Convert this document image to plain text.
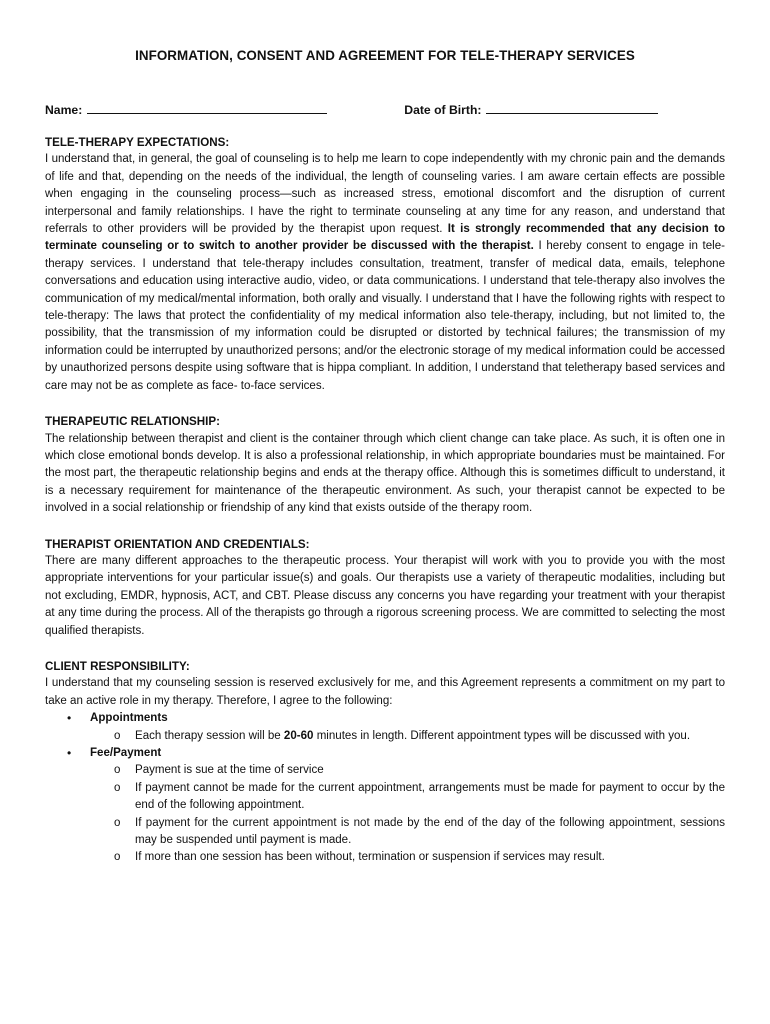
INFORMATION, CONSENT AND AGREEMENT FOR TELE-THERAPY SERVICES
Name:	Date of Birth:

TELE-THERAPY EXPECTATIONS:

I understand that, in general, the goal of counseling is to help me learn to cope independently with my chronic pain and the demands of life and that, depending on the needs of the individual, the length of counseling varies. I am aware certain effects are possible when engaging in the counseling process—such as increased stress, emotional discomfort and the disruption of current interpersonal and family relationships. I have the right to terminate counseling at any time for any reason, and understand that referrals to other providers will be provided by the therapist upon request. It is strongly recommended that any decision to terminate counseling or to switch to another provider be discussed with the therapist. I hereby consent to engage in tele-therapy services. I understand that tele-therapy includes consultation, treatment, transfer of medical data, emails, telephone conversations and education using interactive audio, video, or data communications. I understand that tele-therapy also involves the communication of my medical/mental information, both orally and visually. I understand that I have the following rights with respect to tele-therapy: The laws that protect the confidentiality of my medical information also tele-therapy, including, but not limited to, the possibility, that the transmission of my information could be disrupted or distorted by technical failures; the transmission of my information could be interrupted by unauthorized persons; and/or the electronic storage of my medical information could be accessed by unauthorized persons despite using software that is hippa compliant. In addition, I understand that teletherapy based services and care may not be as complete as face- to-face services.

THERAPEUTIC RELATIONSHIP:

The relationship between therapist and client is the container through which client change can take place. As such, it is often one in which close emotional bonds develop. It is also a professional relationship, in which appropriate boundaries must be maintained. For the most part, the therapeutic relationship begins and ends at the therapy office. Although this is sometimes difficult to understand, it is a necessary requirement for maintenance of the therapeutic environment. As such, your therapist cannot be expected to be involved in a social relationship or friendship of any kind that exists outside of the therapy room.

THERAPIST ORIENTATION AND CREDENTIALS:

There are many different approaches to the therapeutic process. Your therapist will work with you to provide you with the most appropriate interventions for your particular issue(s) and goals. Our therapists use a variety of therapeutic modalities, including but not excluding, EMDR, hypnosis, ACT, and CBT. Please discuss any concerns you have regarding your treatment with your therapist at any time during the process. All of the therapists go through a rigorous screening process. We are committed to selecting the most qualified therapists.

CLIENT RESPONSIBILITY:

I understand that my counseling session is reserved exclusively for me, and this Agreement represents a commitment on my part to take an active role in my therapy. Therefore, I agree to the following:

• Appointments
o Each therapy session will be 20-60 minutes in length. Different appointment types will be discussed with you.
• Fee/Payment
o Payment is sue at the time of service
o If payment cannot be made for the current appointment, arrangements must be made for payment to occur by the end of the following appointment.
o If payment for the current appointment is not made by the end of the day of the following appointment, sessions may be suspended until payment is made.
o If more than one session has been without, termination or suspension if services may result.
